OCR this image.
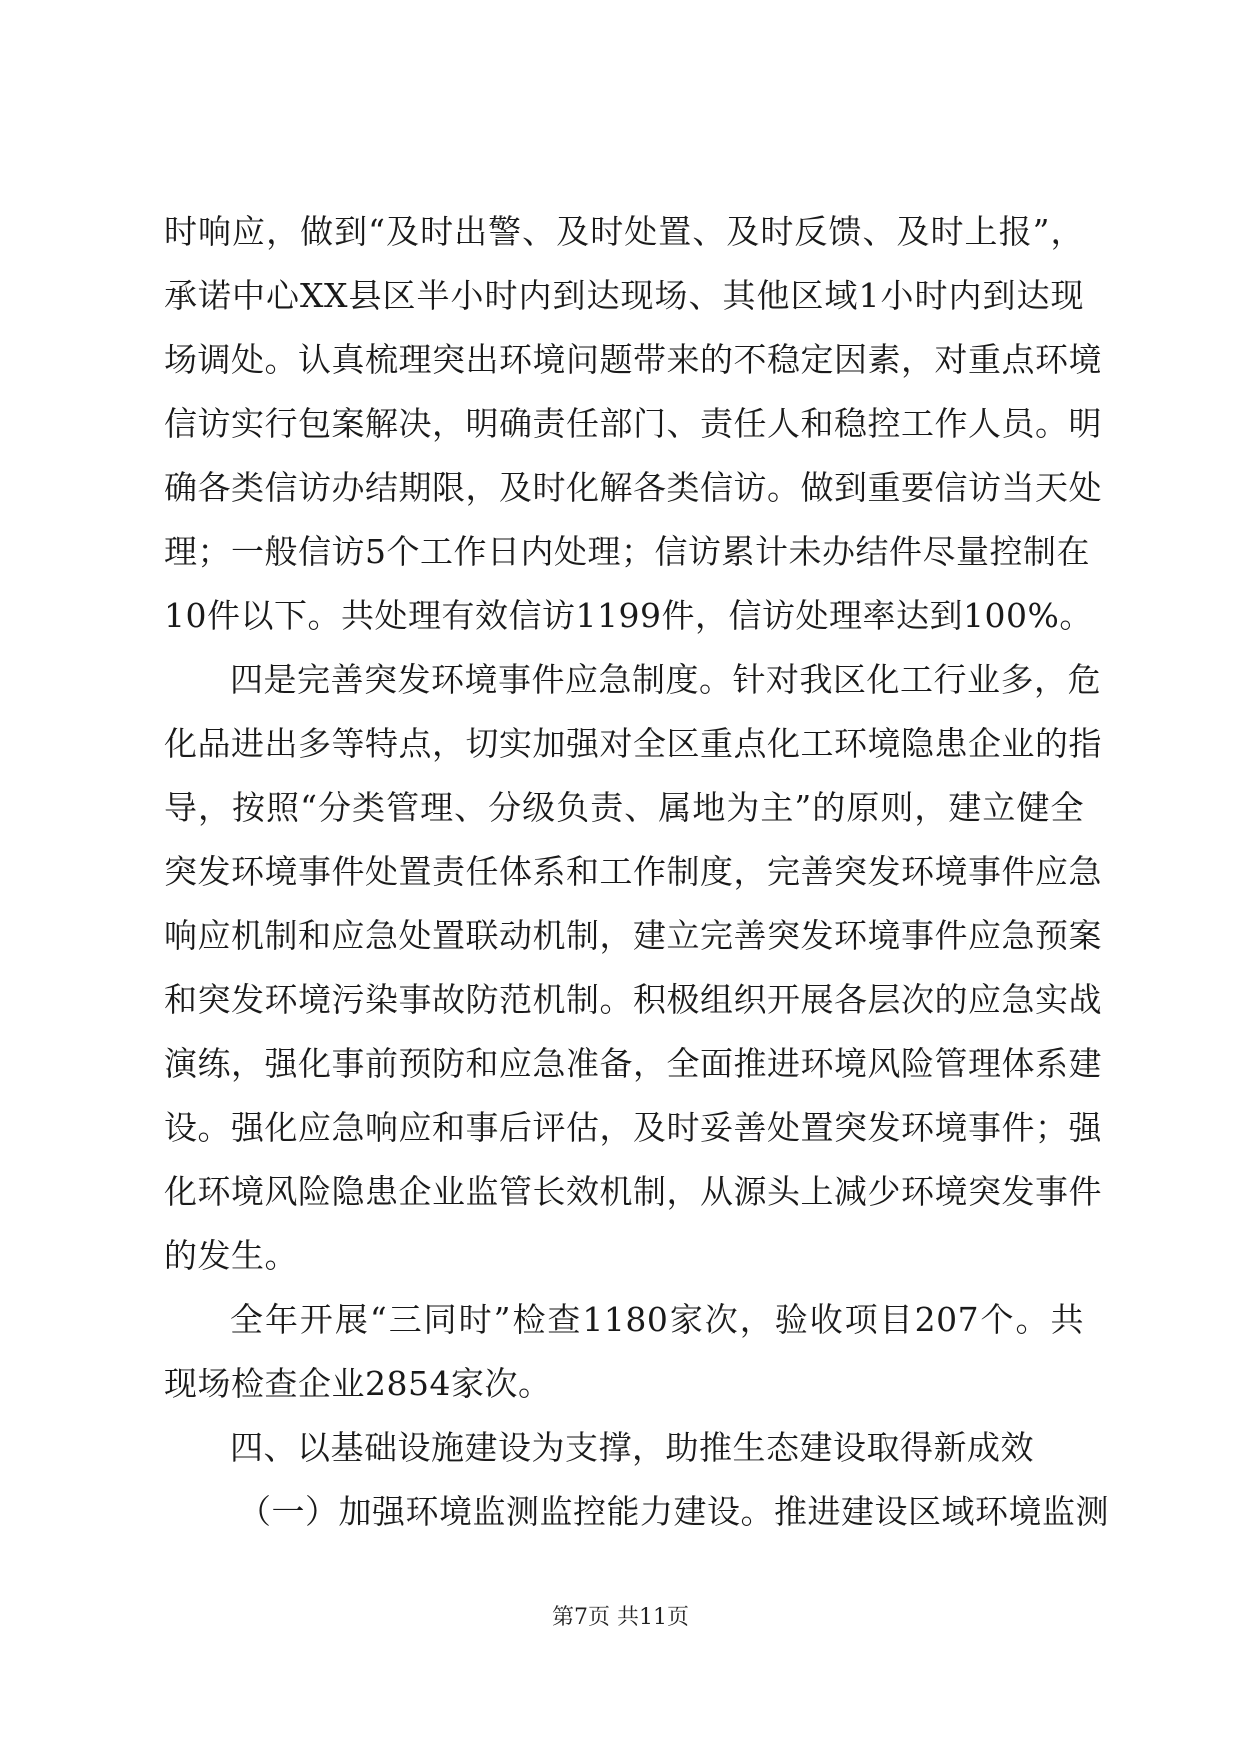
时响应，做到“及时出警、及时处置、及时反馈、及时上报”，
承诺中心XX县区半小时内到达现场、其他区域1小时内到达现
场调处。认真梳理突出环境问题带来的不稳定因素，对重点环境
信访实行包案解决，明确责任部门、责任人和稳控工作人员。明
确各类信访办结期限，及时化解各类信访。做到重要信访当天处
理；一般信访5个工作日内处理；信访累计未办结件尽量控制在
10件以下。共处理有效信访1199件，信访处理率达到100%。
四是完善突发环境事件应急制度。针对我区化工行业多，危
化品进出多等特点，切实加强对全区重点化工环境隐患企业的指
导，按照“分类管理、分级负责、属地为主”的原则，建立健全
突发环境事件处置责任体系和工作制度，完善突发环境事件应急
响应机制和应急处置联动机制，建立完善突发环境事件应急预案
和突发环境污染事故防范机制。积极组织开展各层次的应急实战
演练，强化事前预防和应急准备，全面推进环境风险管理体系建
设。强化应急响应和事后评估，及时妥善处置突发环境事件；强
化环境风险隐患企业监管长效机制，从源头上减少环境突发事件
的发生。
全年开展“三同时”检查1180家次，验收项目207个。共
现场检查企业2854家次。
四、以基础设施建设为支撑，助推生态建设取得新成效
（一）加强环境监测监控能力建设。推进建设区域环境监测
第7页 共11页
